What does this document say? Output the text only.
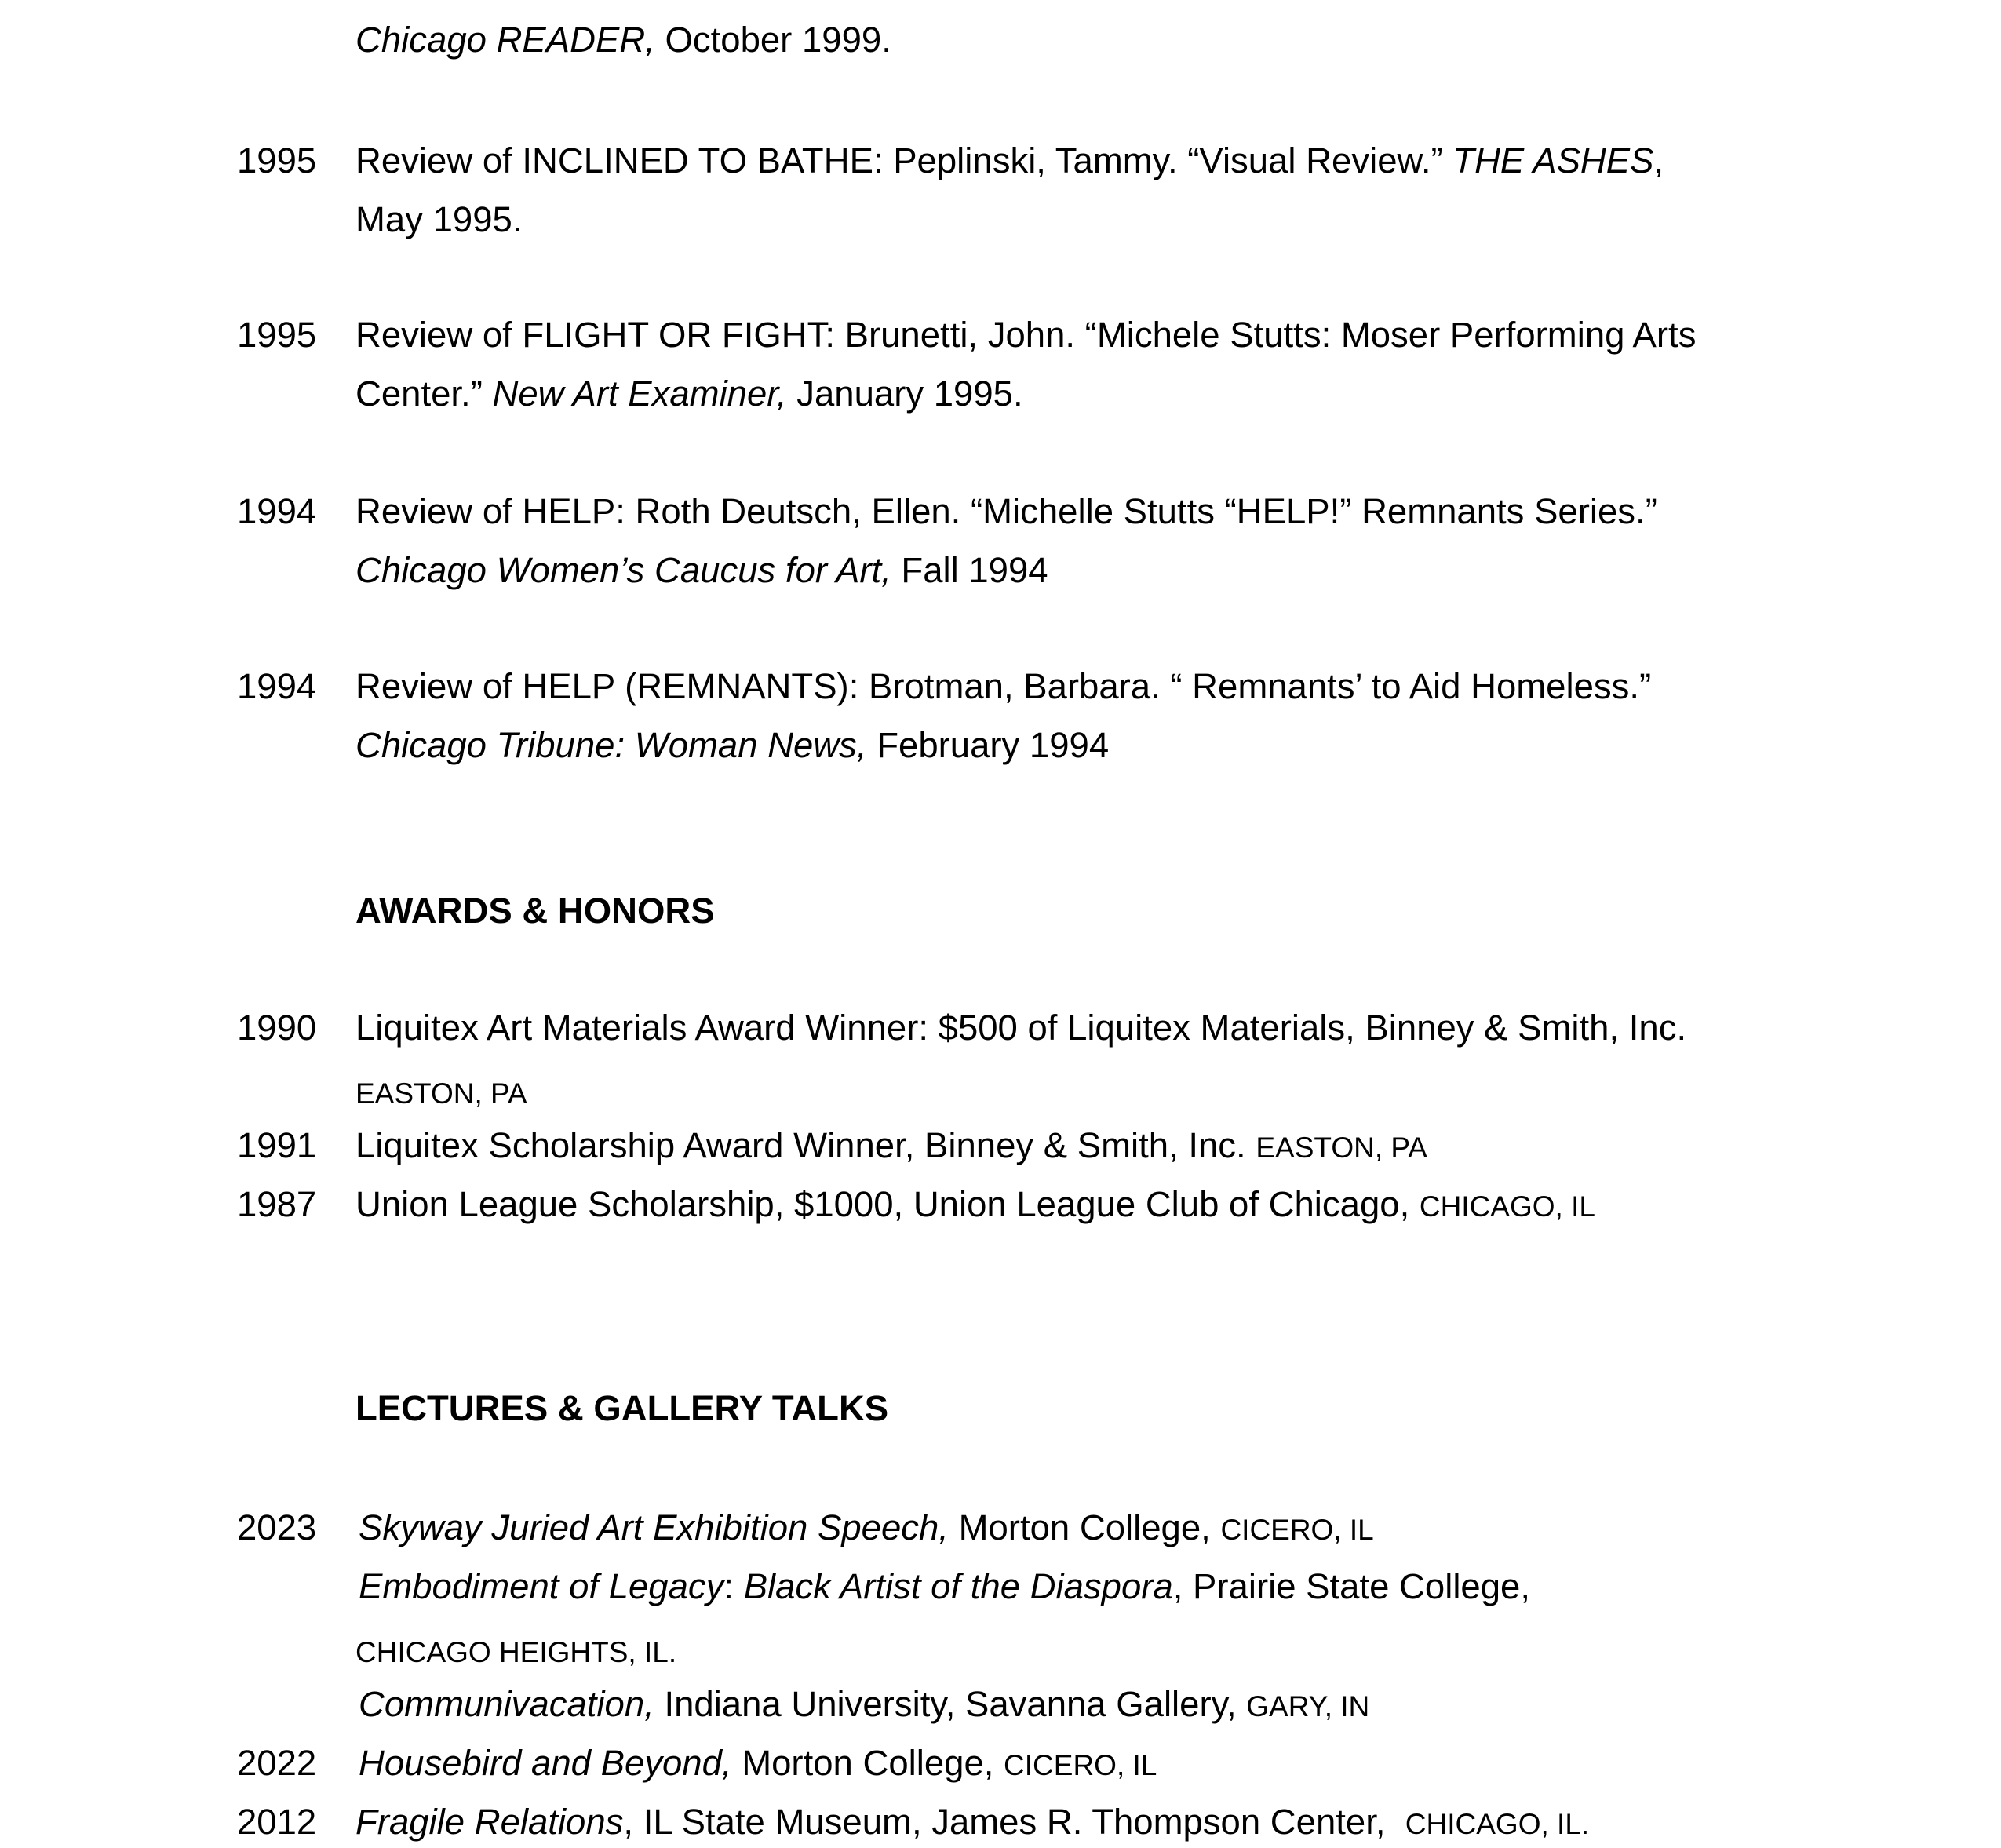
Chicago READER, October 1999.
1995 Review of INCLINED TO BATHE: Peplinski, Tammy. “Visual Review.” THE ASHES,
May 1995.
1995 Review of FLIGHT OR FIGHT: Brunetti, John. “Michele Stutts: Moser Performing Arts
Center.” New Art Examiner, January 1995.
1994 Review of HELP: Roth Deutsch, Ellen. “Michelle Stutts “HELP!” Remnants Series.”
Chicago Women’s Caucus for Art, Fall 1994
1994 Review of HELP (REMNANTS): Brotman, Barbara. “ Remnants’ to Aid Homeless.”
Chicago Tribune: Woman News, February 1994
AWARDS & HONORS
1990 Liquitex Art Materials Award Winner: $500 of Liquitex Materials, Binney & Smith, Inc.
EASTON, PA
1991 Liquitex Scholarship Award Winner, Binney & Smith, Inc. EASTON, PA
1987 Union League Scholarship, $1000, Union League Club of Chicago, CHICAGO, IL
LECTURES & GALLERY TALKS
2023 Skyway Juried Art Exhibition Speech, Morton College, CICERO, IL
Embodiment of Legacy: Black Artist of the Diaspora, Prairie State College,
CHICAGO HEIGHTS, IL.
Communivacation, Indiana University, Savanna Gallery, GARY, IN
2022 Housebird and Beyond, Morton College, CICERO, IL
2012 Fragile Relations, IL State Museum, James R. Thompson Center,  CHICAGO, IL.
